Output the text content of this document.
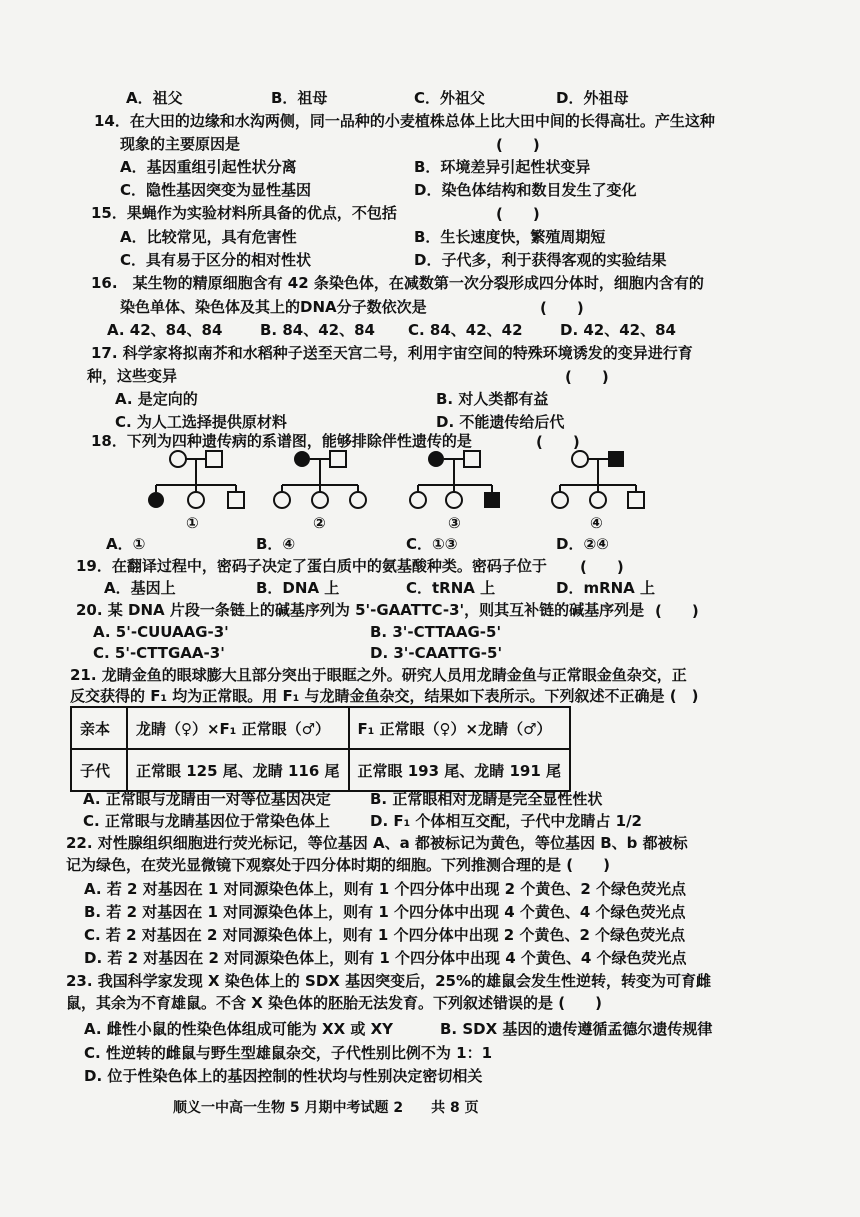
A．祖父	B．祖母	C．外祖父	D．外祖母
14．在大田的边缘和水沟两侧，同一品种的小麦植株总体上比大田中间的长得高壮。产生这种
现象的主要原因是	(　　)
A．基因重组引起性状分离	B．环境差异引起性状变异
C．隐性基因突变为显性基因	D．染色体结构和数目发生了变化
15．果蝇作为实验材料所具备的优点，不包括	(　　)
A．比较常见，具有危害性	B．生长速度快，繁殖周期短
C．具有易于区分的相对性状	D．子代多，利于获得客观的实验结果
16.　某生物的精原细胞含有 42 条染色体，在减数第一次分裂形成四分体时，细胞内含有的
染色单体、染色体及其上的DNA分子数依次是	(　　)
A. 42、84、84	B. 84、42、84 C. 84、42、42 D. 42、42、84
17. 科学家将拟南芥和水稻种子送至天宫二号，利用宇宙空间的特殊环境诱发的变异进行育
种，这些变异	(　　)
A. 是定向的	B. 对人类都有益
C. 为人工选择提供原材料	D. 不能遗传给后代
18．下列为四种遗传病的系谱图，能够排除伴性遗传的是	(　　)
①	②	③	④
A．①	B．④	C．①③	D．②④
19．在翻译过程中，密码子决定了蛋白质中的氨基酸种类。密码子位于 (　　)
A．基因上	B．DNA 上	C．tRNA 上	D．mRNA 上
20. 某 DNA 片段一条链上的碱基序列为 5'-GAATTC-3'，则其互补链的碱基序列是 (　　)
A. 5'-CUUAAG-3'	B. 3'-CTTAAG-5'
C. 5'-CTTGAA-3'	D. 3'-CAATTG-5'
21. 龙睛金鱼的眼球膨大且部分突出于眼眶之外。研究人员用龙睛金鱼与正常眼金鱼杂交，正
反交获得的 F₁ 均为正常眼。用 F₁ 与龙睛金鱼杂交，结果如下表所示。下列叙述不正确是 (　)
亲本	龙睛（♀）×F₁ 正常眼（♂）	F₁ 正常眼（♀）×龙睛（♂）
子代	正常眼 125 尾、龙睛 116 尾	正常眼 193 尾、龙睛 191 尾
A. 正常眼与龙睛由一对等位基因决定	B. 正常眼相对龙睛是完全显性性状
C. 正常眼与龙睛基因位于常染色体上	D. F₁ 个体相互交配，子代中龙睛占 1/2
22. 对性腺组织细胞进行荧光标记，等位基因 A、a 都被标记为黄色，等位基因 B、b 都被标
记为绿色，在荧光显微镜下观察处于四分体时期的细胞。下列推测合理的是 (　　)
A. 若 2 对基因在 1 对同源染色体上，则有 1 个四分体中出现 2 个黄色、2 个绿色荧光点
B. 若 2 对基因在 1 对同源染色体上，则有 1 个四分体中出现 4 个黄色、4 个绿色荧光点
C. 若 2 对基因在 2 对同源染色体上，则有 1 个四分体中出现 2 个黄色、2 个绿色荧光点
D. 若 2 对基因在 2 对同源染色体上，则有 1 个四分体中出现 4 个黄色、4 个绿色荧光点
23. 我国科学家发现 X 染色体上的 SDX 基因突变后，25%的雄鼠会发生性逆转，转变为可育雌
鼠，其余为不育雄鼠。不含 X 染色体的胚胎无法发育。下列叙述错误的是 (　　)
A. 雌性小鼠的性染色体组成可能为 XX 或 XY	B. SDX 基因的遗传遵循孟德尔遗传规律
C. 性逆转的雌鼠与野生型雄鼠杂交，子代性别比例不为 1：1
D. 位于性染色体上的基因控制的性状均与性别决定密切相关
顺义一中高一生物 5 月期中考试题 2　　共 8 页
